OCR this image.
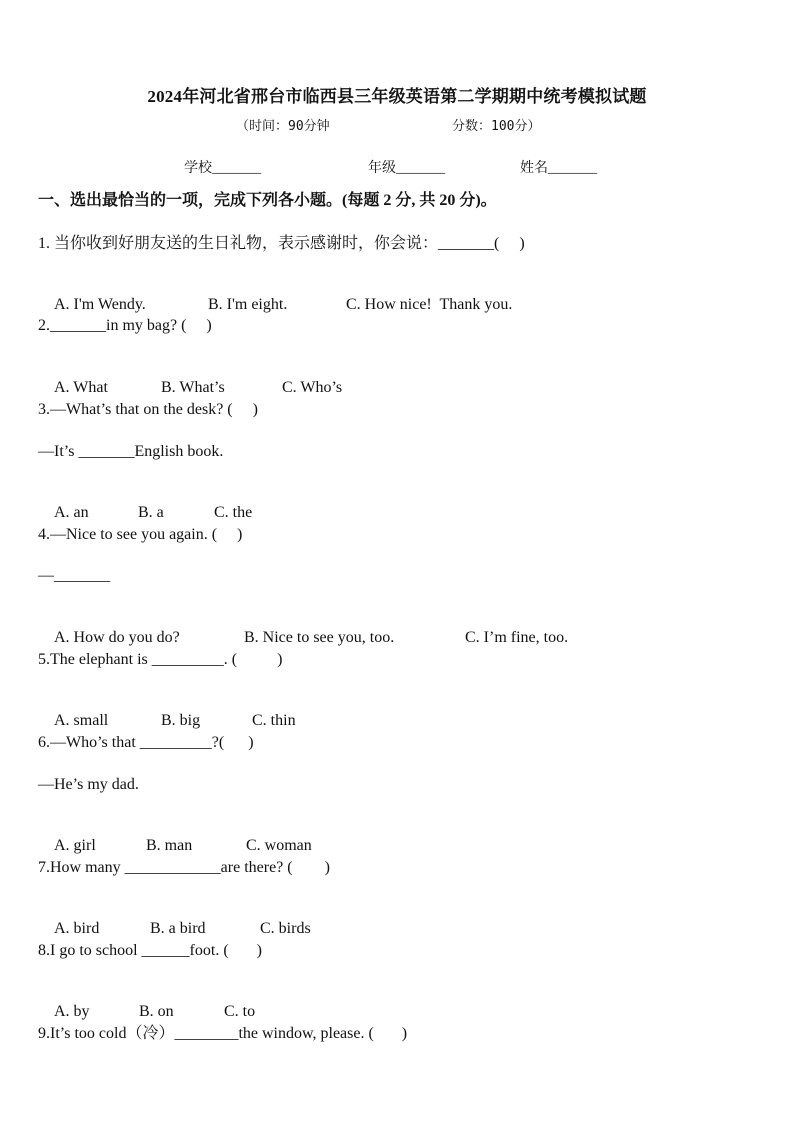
2024年河北省邢台市临西县三年级英语第二学期期中统考模拟试题
（时间：90分钟	分数：100分）
学校_______	年级_______	姓名_______
一、选出最恰当的一项，完成下列各小题。(每题 2 分, 共 20 分)。
1. 当你收到好朋友送的生日礼物，表示感谢时，你会说：_______(     )

A. I'm Wendy.	B. I'm eight.	C. How nice!  Thank you.

2._______in my bag? (     )

A. What	B. What’s	C. Who’s

3.—What’s that on the desk? (     )
—It’s _______English book.

A. an	B. a	C. the

4.—Nice to see you again. (     )
—_______

A. How do you do?	B. Nice to see you, too.	C. I’m fine, too.

5.The elephant is _________. (          )

A. small	B. big	C. thin

6.—Who’s that _________?(      )
—He’s my dad.

A. girl	B. man	C. woman

7.How many ____________are there? (        )

A. bird	B. a bird	C. birds

8.I go to school ______foot. (       )

A. by	B. on	C. to

9.It’s too cold（冷）________the window, please. (       )
